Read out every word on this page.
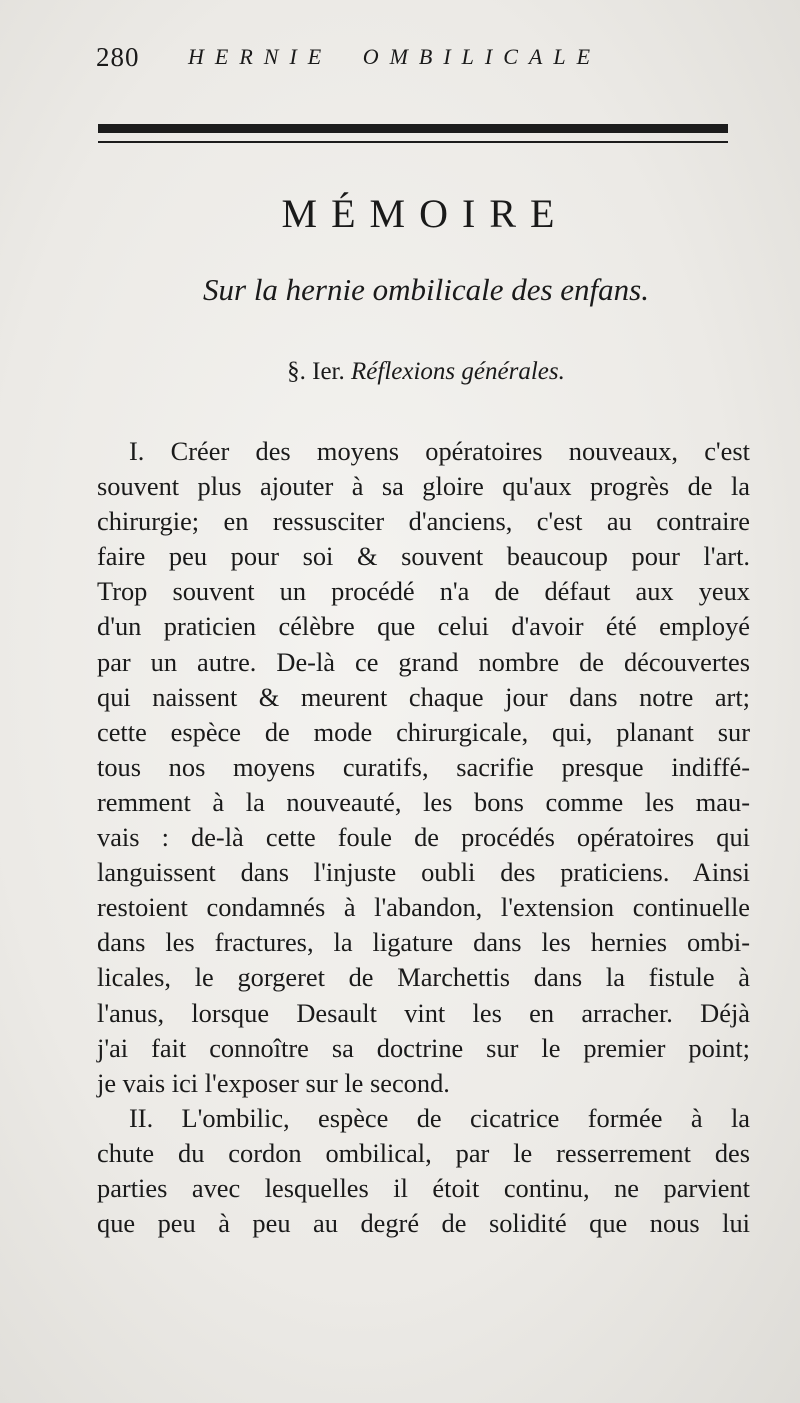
280 HERNIE OMBILICALE
MÉMOIRE
Sur la hernie ombilicale des enfans.
§. Ier. Réflexions générales.
I. Créer des moyens opératoires nouveaux, c'est
souvent plus ajouter à sa gloire qu'aux progrès de la
chirurgie; en ressusciter d'anciens, c'est au contraire
faire peu pour soi & souvent beaucoup pour l'art.
Trop souvent un procédé n'a de défaut aux yeux
d'un praticien célèbre que celui d'avoir été employé
par un autre. De-là ce grand nombre de découvertes
qui naissent & meurent chaque jour dans notre art;
cette espèce de mode chirurgicale, qui, planant sur
tous nos moyens curatifs, sacrifie presque indiffé-
remment à la nouveauté, les bons comme les mau-
vais : de-là cette foule de procédés opératoires qui
languissent dans l'injuste oubli des praticiens. Ainsi
restoient condamnés à l'abandon, l'extension continuelle
dans les fractures, la ligature dans les hernies ombi-
licales, le gorgeret de Marchettis dans la fistule à
l'anus, lorsque Desault vint les en arracher. Déjà
j'ai fait connoître sa doctrine sur le premier point;
je vais ici l'exposer sur le second.
II. L'ombilic, espèce de cicatrice formée à la
chute du cordon ombilical, par le resserrement des
parties avec lesquelles il étoit continu, ne parvient
que peu à peu au degré de solidité que nous lui
